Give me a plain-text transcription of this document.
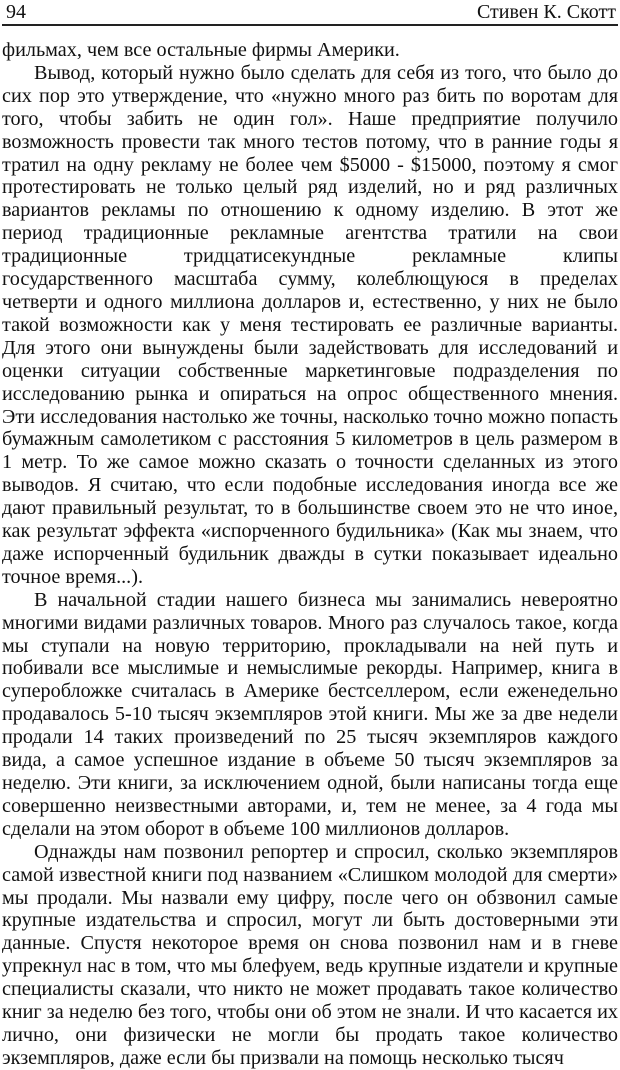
94	Стивен К. Скотт

фильмах, чем все остальные фирмы Америки.

Вывод, который нужно было сделать для себя из того, что было до сих пор это утверждение, что «нужно много раз бить по воротам для того, чтобы забить не один гол». Наше предприятие получило возможность провести так много тестов потому, что в ранние годы я тратил на одну рекламу не более чем $5000 - $15000, поэтому я смог протестировать не только целый ряд изделий, но и ряд различных вариантов рекламы по отношению к одному изделию. В этот же период традиционные рекламные агентства тратили на свои традиционные тридцатисекундные рекламные клипы государственного масштаба сумму, колеблющуюся в пределах четверти и одного миллиона долларов и, естественно, у них не было такой возможности как у меня тестировать ее различные варианты. Для этого они вынуждены были задействовать для исследований и оценки ситуации собственные маркетинговые подразделения по исследованию рынка и опираться на опрос общественного мнения. Эти исследования настолько же точны, насколько точно можно попасть бумажным самолетиком с расстояния 5 километров в цель размером в 1 метр. То же самое можно сказать о точности сделанных из этого выводов. Я считаю, что если подобные исследования иногда все же дают правильный результат, то в большинстве своем это не что иное, как результат эффекта «испорченного будильника» (Как мы знаем, что даже испорченный будильник дважды в сутки показывает идеально точное время...).

В начальной стадии нашего бизнеса мы занимались невероятно многими видами различных товаров. Много раз случалось такое, когда мы ступали на новую территорию, прокладывали на ней путь и побивали все мыслимые и немыслимые рекорды. Например, книга в суперобложке считалась в Америке бестселлером, если еженедельно продавалось 5-10 тысяч экземпляров этой книги. Мы же за две недели продали 14 таких произведений по 25 тысяч экземпляров каждого вида, а самое успешное издание в объеме 50 тысяч экземпляров за неделю. Эти книги, за исключением одной, были написаны тогда еще совершенно неизвестными авторами, и, тем не менее, за 4 года мы сделали на этом оборот в объеме 100 миллионов долларов.

Однажды нам позвонил репортер и спросил, сколько экземпляров самой известной книги под названием «Слишком молодой для смерти» мы продали. Мы назвали ему цифру, после чего он обзвонил самые крупные издательства и спросил, могут ли быть достоверными эти данные. Спустя некоторое время он снова позвонил нам и в гневе упрекнул нас в том, что мы блефуем, ведь крупные издатели и крупные специалисты сказали, что никто не может продавать такое количество книг за неделю без того, чтобы они об этом не знали. И что касается их лично, они физически не могли бы продать такое количество экземпляров, даже если бы призвали на помощь несколько тысяч
